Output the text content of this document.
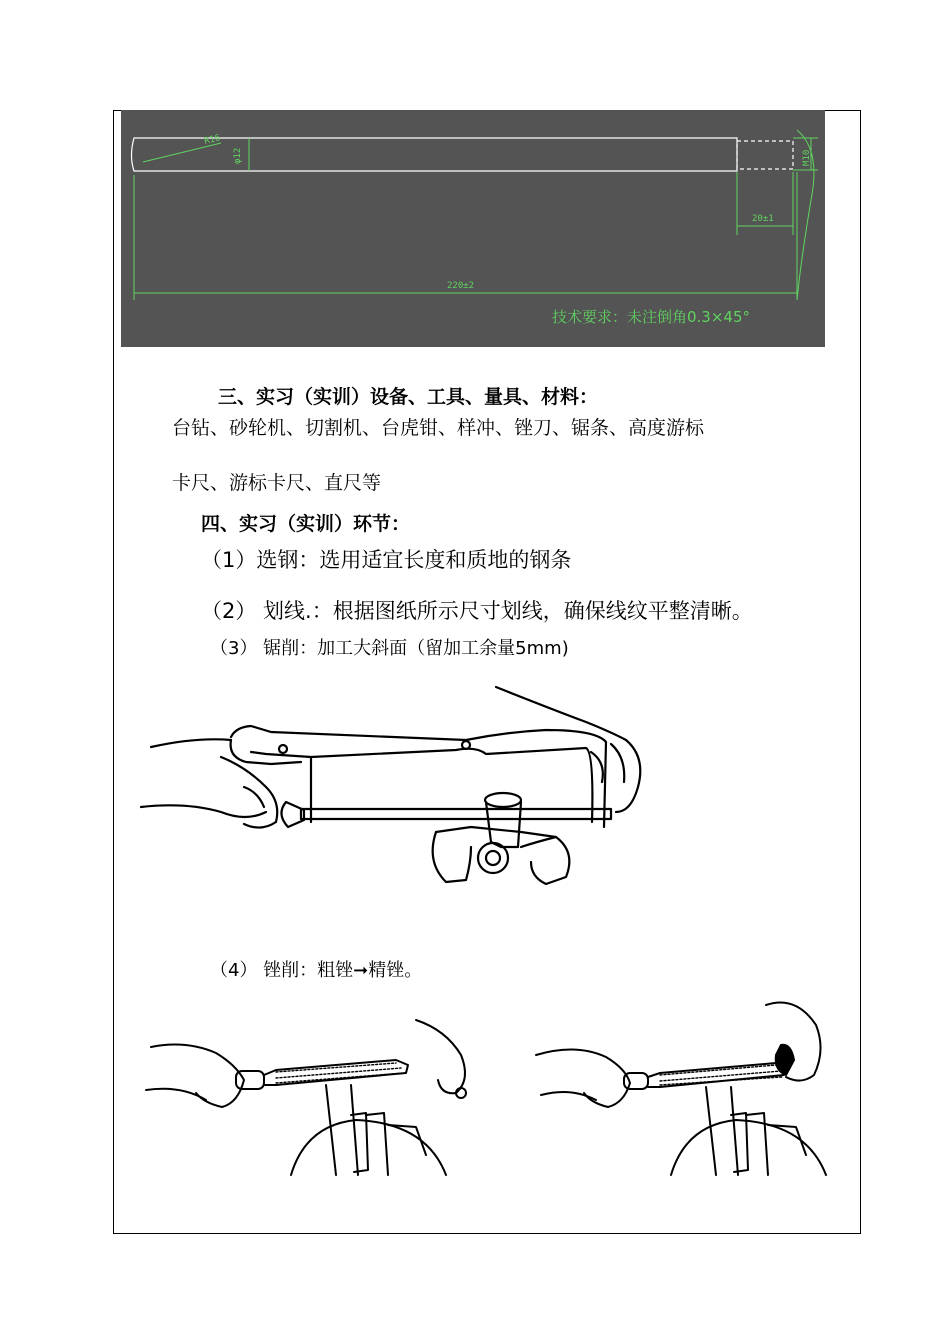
R16
φ12	M10
20±1
220±2
技术要求：未注倒角0.3×45°
三、实习（实训）设备、工具、量具、材料：
台钻、砂轮机、切割机、台虎钳、样冲、锉刀、锯条、高度游标
卡尺、游标卡尺、直尺等
四、实习（实训）环节：
（1）选钢：选用适宜长度和质地的钢条
（2） 划线.：根据图纸所示尺寸划线，确保线纹平整清晰。
（3） 锯削：加工大斜面（留加工余量5mm)
（4） 锉削：粗锉➞精锉。
